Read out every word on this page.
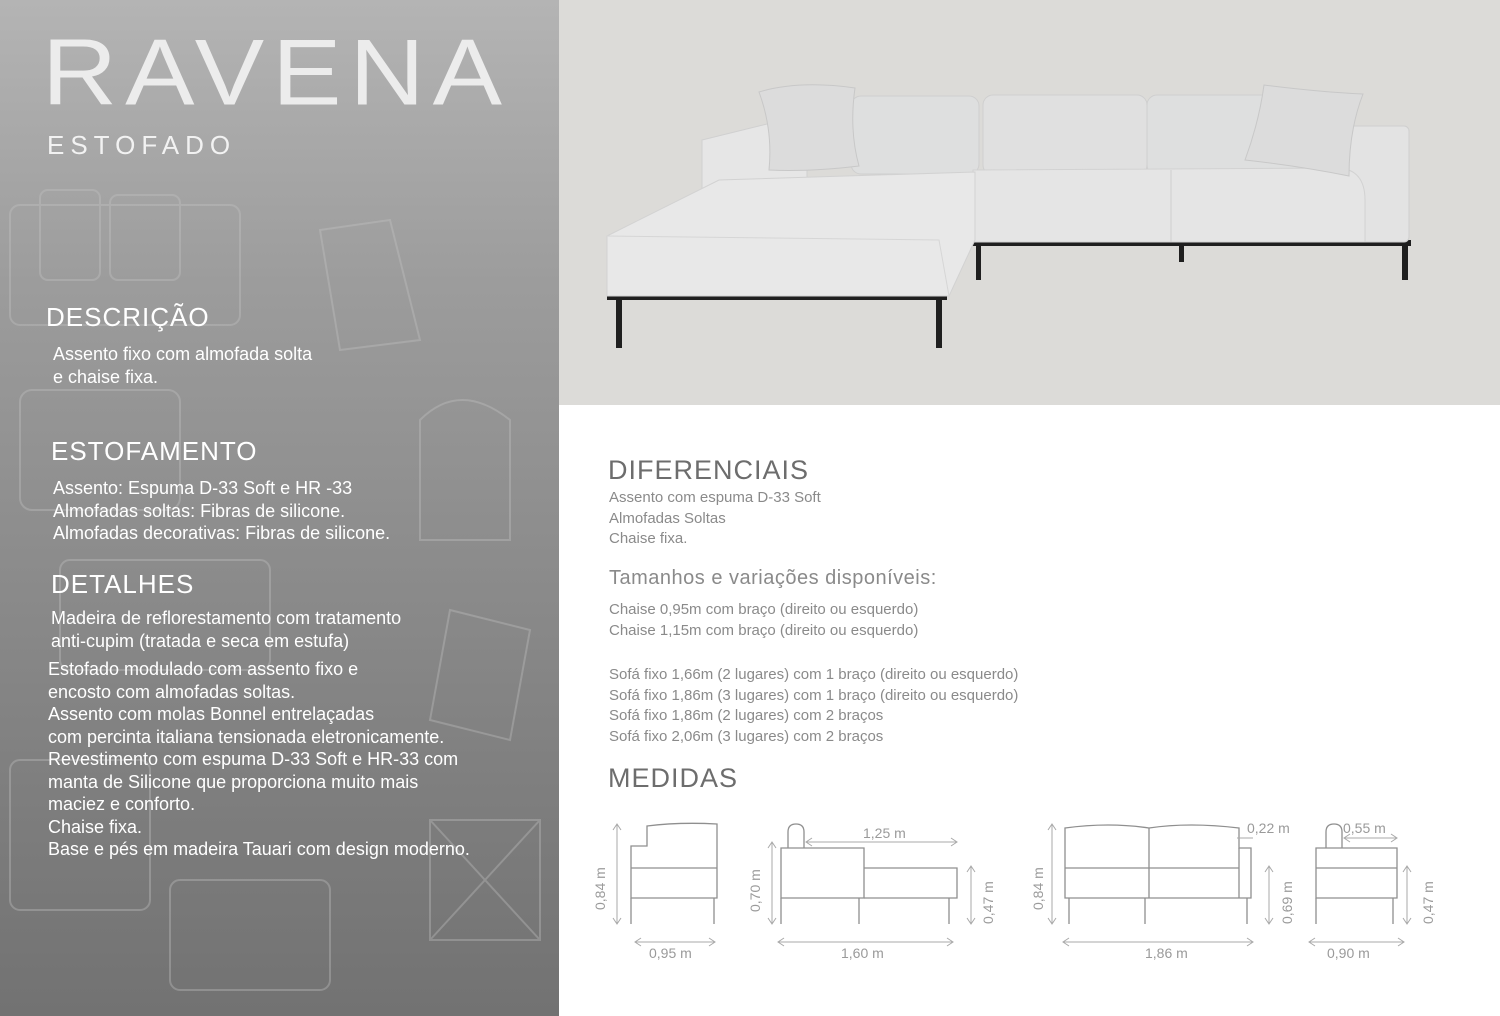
RAVENA
ESTOFADO
DESCRIÇÃO
Assento fixo com almofada solta
e chaise fixa.
ESTOFAMENTO
Assento: Espuma D-33 Soft e HR -33
Almofadas soltas: Fibras de silicone.
Almofadas decorativas: Fibras de silicone.
DETALHES
Madeira de reflorestamento com tratamento
anti-cupim (tratada e seca em estufa)
Estofado modulado com assento fixo e
encosto com almofadas soltas.
Assento com molas Bonnel entrelaçadas
com percinta italiana tensionada eletronicamente.
Revestimento com espuma D-33 Soft e HR-33 com
manta de Silicone que proporciona muito mais
maciez e conforto.
Chaise fixa.
Base e pés em madeira Tauari com design moderno.
DIFERENCIAIS
Assento com espuma D-33 Soft
Almofadas Soltas
Chaise fixa.
Tamanhos e variações disponíveis:
Chaise 0,95m com braço (direito ou esquerdo)
Chaise 1,15m com braço (direito ou esquerdo)
Sofá fixo 1,66m (2 lugares) com 1 braço (direito ou esquerdo)
Sofá fixo 1,86m (3 lugares) com 1 braço (direito ou esquerdo)
Sofá fixo 1,86m (2 lugares) com 2 braços
Sofá fixo 2,06m (3 lugares) com 2 braços
MEDIDAS
0,84 m
0,95 m
0,70 m
1,25 m
0,47 m
1,60 m
0,84 m
0,22 m
0,69 m
1,86 m
0,55 m
0,47 m
0,90 m
